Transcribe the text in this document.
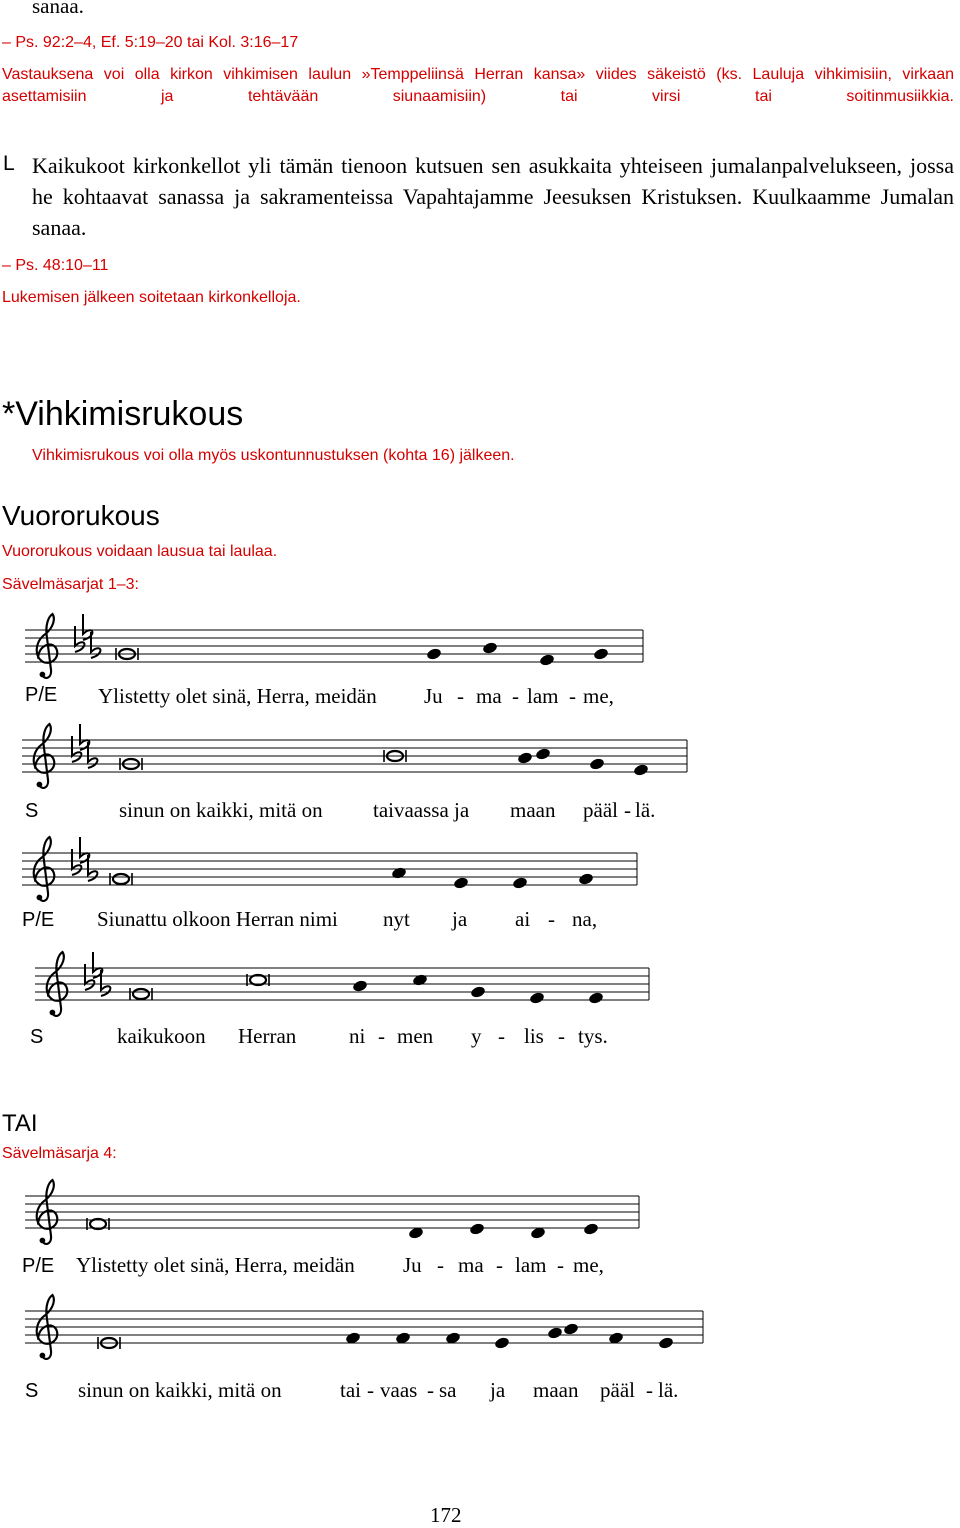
sanaa.
– Ps. 92:2–4, Ef. 5:19–20 tai Kol. 3:16–17
Vastauksena voi olla kirkon vihkimisen laulun »Temppeliinsä Herran kansa» viides säkeistö (ks. Lauluja vihkimisiin, virkaan asettamisiin ja tehtävään siunaamisiin) tai virsi tai soitinmusiikkia.
L Kaikukoot kirkonkellot yli tämän tienoon kutsuen sen asukkaita yhteiseen jumalanpalvelukseen, jossa he kohtaavat sanassa ja sakramenteissa Vapahtajamme Jeesuksen Kristuksen. Kuulkaamme Jumalan sanaa.
– Ps. 48:10–11
Lukemisen jälkeen soitetaan kirkonkelloja.
*Vihkimisrukous
Vihkimisrukous voi olla myös uskontunnustuksen (kohta 16) jälkeen.
Vuororukous
Vuororukous voidaan lausua tai laulaa.
Sävelmäsarjat 1–3:
P/E Ylistetty olet sinä, Herra, meidän Ju - ma - lam - me,
S	sinun on kaikki, mitä on taivaassa ja maan pääl - lä.
P/E Siunattu olkoon Herran nimi nyt ja ai - na,
S	kaikukoon Herran	ni - men y - lis - tys.
TAI
Sävelmäsarja 4:
P/E Ylistetty olet sinä, Herra, meidän Ju - ma - lam - me,
S sinun on kaikki, mitä on	tai - vaas - sa ja maan pääl - lä.
172
